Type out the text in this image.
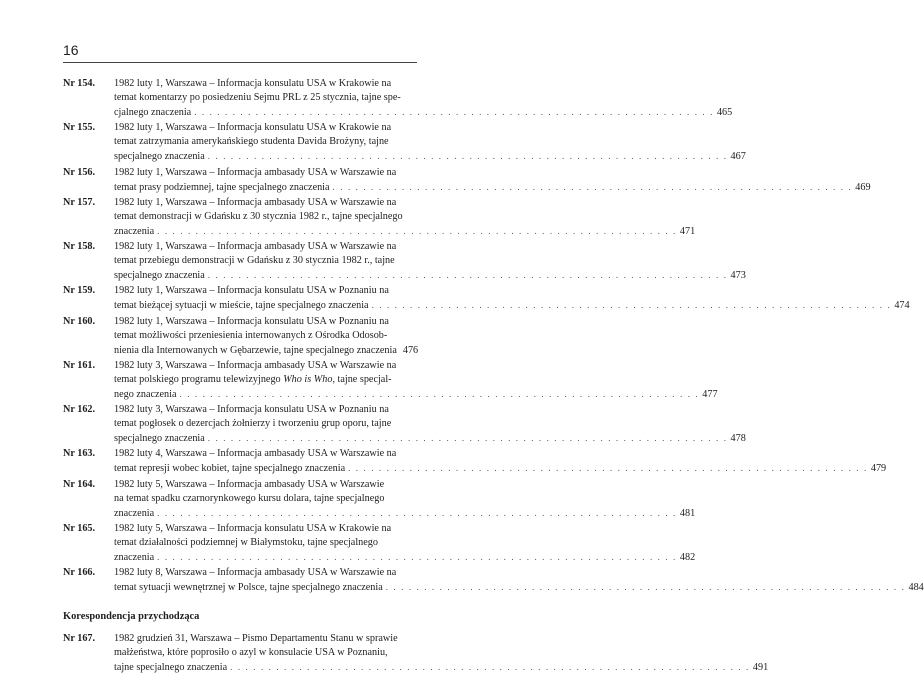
16
Nr 154. 1982 luty 1, Warszawa – Informacja konsulatu USA w Krakowie na
temat komentarzy po posiedzeniu Sejmu PRL z 25 stycznia, tajne spe-
cjalnego znaczenia . . . . . . . . . . . . . . . . . . . . . . . . . . . . . . . . . . . . . . . . . . . . . . . . . . . . . . . . . . . . . . . . . . . . 465
Nr 155. 1982 luty 1, Warszawa – Informacja konsulatu USA w Krakowie na
temat zatrzymania amerykańskiego studenta Davida Brożyny, tajne
specjalnego znaczenia . . . . . . . . . . . . . . . . . . . . . . . . . . . . . . . . . . . . . . . . . . . . . . . . . . . . . . . . . . . . . . . . . . . . 467
Nr 156. 1982 luty 1, Warszawa – Informacja ambasady USA w Warszawie na
temat prasy podziemnej, tajne specjalnego znaczenia . . . . . . . . . . . . . . . . . . . . . . . . . . . . . . . . . . . . . . . . . . . . . . . . . . . . . . . . . . . . . . . . . . . . 469
Nr 157. 1982 luty 1, Warszawa – Informacja ambasady USA w Warszawie na
temat demonstracji w Gdańsku z 30 stycznia 1982 r., tajne specjalnego
znaczenia . . . . . . . . . . . . . . . . . . . . . . . . . . . . . . . . . . . . . . . . . . . . . . . . . . . . . . . . . . . . . . . . . . . . 471
Nr 158. 1982 luty 1, Warszawa – Informacja ambasady USA w Warszawie na
temat przebiegu demonstracji w Gdańsku z 30 stycznia 1982 r., tajne
specjalnego znaczenia . . . . . . . . . . . . . . . . . . . . . . . . . . . . . . . . . . . . . . . . . . . . . . . . . . . . . . . . . . . . . . . . . . . . 473
Nr 159. 1982 luty 1, Warszawa – Informacja konsulatu USA w Poznaniu na
temat bieżącej sytuacji w mieście, tajne specjalnego znaczenia . . . . . . . . . . . . . . . . . . . . . . . . . . . . . . . . . . . . . . . . . . . . . . . . . . . . . . . . . . . . . . . . . . . . 474
Nr 160. 1982 luty 1, Warszawa – Informacja konsulatu USA w Poznaniu na
temat możliwości przeniesienia internowanych z Ośrodka Odosob-
nienia dla Internowanych w Gębarzewie, tajne specjalnego znaczenia 476
Nr 161. 1982 luty 3, Warszawa – Informacja ambasady USA w Warszawie na
temat polskiego programu telewizyjnego Who is Who, tajne specjal-
nego znaczenia . . . . . . . . . . . . . . . . . . . . . . . . . . . . . . . . . . . . . . . . . . . . . . . . . . . . . . . . . . . . . . . . . . . . 477
Nr 162. 1982 luty 3, Warszawa – Informacja konsulatu USA w Poznaniu na
temat pogłosek o dezercjach żołnierzy i tworzeniu grup oporu, tajne
specjalnego znaczenia . . . . . . . . . . . . . . . . . . . . . . . . . . . . . . . . . . . . . . . . . . . . . . . . . . . . . . . . . . . . . . . . . . . . 478
Nr 163. 1982 luty 4, Warszawa – Informacja ambasady USA w Warszawie na
temat represji wobec kobiet, tajne specjalnego znaczenia . . . . . . . . . . . . . . . . . . . . . . . . . . . . . . . . . . . . . . . . . . . . . . . . . . . . . . . . . . . . . . . . . . . . 479
Nr 164. 1982 luty 5, Warszawa – Informacja ambasady USA w Warszawie
na temat spadku czarnorynkowego kursu dolara, tajne specjalnego
znaczenia . . . . . . . . . . . . . . . . . . . . . . . . . . . . . . . . . . . . . . . . . . . . . . . . . . . . . . . . . . . . . . . . . . . . 481
Nr 165. 1982 luty 5, Warszawa – Informacja konsulatu USA w Krakowie na
temat działalności podziemnej w Białymstoku, tajne specjalnego
znaczenia . . . . . . . . . . . . . . . . . . . . . . . . . . . . . . . . . . . . . . . . . . . . . . . . . . . . . . . . . . . . . . . . . . . . 482
Nr 166. 1982 luty 8, Warszawa – Informacja ambasady USA w Warszawie na
temat sytuacji wewnętrznej w Polsce, tajne specjalnego znaczenia . . . . . . . . . . . . . . . . . . . . . . . . . . . . . . . . . . . . . . . . . . . . . . . . . . . . . . . . . . . . . . . . . . . . 484
Korespondencja przychodząca
Nr 167. 1982 grudzień 31, Warszawa – Pismo Departamentu Stanu w sprawie
małżeństwa, które poprosiło o azyl w konsulacie USA w Poznaniu,
tajne specjalnego znaczenia . . . . . . . . . . . . . . . . . . . . . . . . . . . . . . . . . . . . . . . . . . . . . . . . . . . . . . . . . . . . . . . . . . . . 491
